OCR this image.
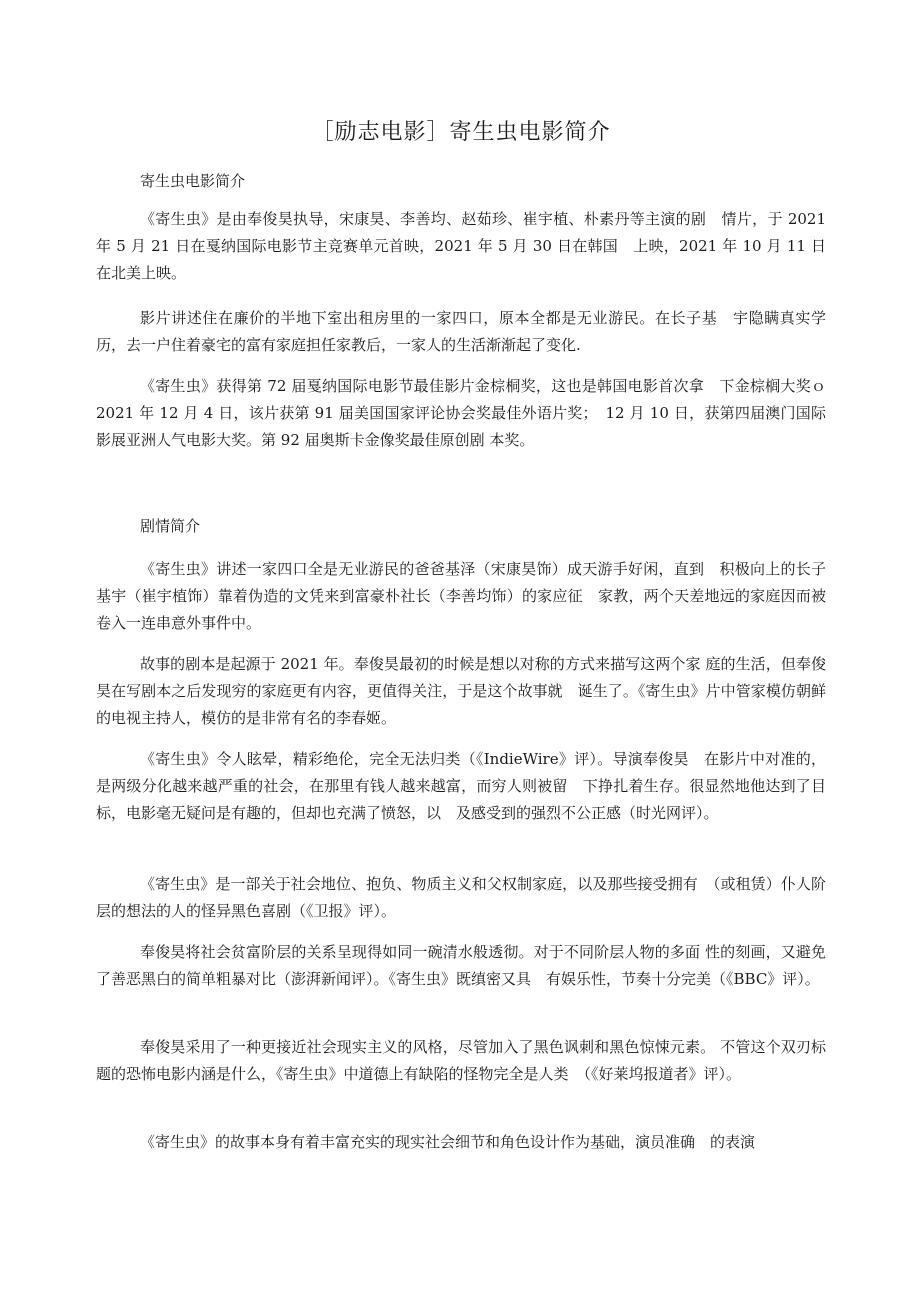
［励志电影］寄生虫电影简介

寄生虫电影简介

《寄生虫》是由奉俊昊执导，宋康昊、李善均、赵茹珍、崔宇植、朴素丹等主演的剧　情片，于 2021 年 5 月 21 日在戛纳国际电影节主竞赛单元首映，2021 年 5 月 30 日在韩国　上映，2021 年 10 月 11 日在北美上映。

影片讲述住在廉价的半地下室出租房里的一家四口，原本全都是无业游民。在长子基　宇隐瞒真实学历，去一户住着豪宅的富有家庭担任家教后，一家人的生活渐渐起了变化.

《寄生虫》获得第 72 届戛纳国际电影节最佳影片金棕桐奖，这也是韩国电影首次拿　下金棕榈大奖ｏ 2021 年 12 月 4 日，该片获第 91 届美国国家评论协会奖最佳外语片奖；　12 月 10 日，获第四届澳门国际影展亚洲人气电影大奖。第 92 届奥斯卡金像奖最佳原创剧 本奖。

剧情简介

《寄生虫》讲述一家四口全是无业游民的爸爸基泽（宋康昊饰）成天游手好闲，直到　积极向上的长子基宇（崔宇植饰）靠着伪造的文凭来到富豪朴社长（李善均饰）的家应征　家教，两个天差地远的家庭因而被卷入一连串意外事件中。

故事的剧本是起源于 2021 年。奉俊昊最初的时候是想以对称的方式来描写这两个家 庭的生活，但奉俊昊在写剧本之后发现穷的家庭更有内容，更值得关注，于是这个故事就　诞生了。《寄生虫》片中管家模仿朝鲜的电视主持人，模仿的是非常有名的李春姬。

《寄生虫》令人眩晕，精彩绝伦，完全无法归类（《IndieWire》评）。导演奉俊昊　在影片中对准的，是两级分化越来越严重的社会，在那里有钱人越来越富，而穷人则被留　下挣扎着生存。很显然地他达到了目标，电影毫无疑问是有趣的，但却也充满了愤怒，以　及感受到的强烈不公正感（时光网评）。

《寄生虫》是一部关于社会地位、抱负、物质主义和父权制家庭，以及那些接受拥有　（或租赁）仆人阶层的想法的人的怪异黑色喜剧（《卫报》评）。

奉俊昊将社会贫富阶层的关系呈现得如同一碗清水般透彻。对于不同阶层人物的多面 性的刻画，又避免了善恶黑白的简单粗暴对比（澎湃新闻评）。《寄生虫》既缜密又具　有娱乐性，节奏十分完美（《BBC》评）。

奉俊昊采用了一种更接近社会现实主义的风格，尽管加入了黑色讽刺和黑色惊悚元素。 不管这个双刃标题的恐怖电影内涵是什么，《寄生虫》中道德上有缺陷的怪物完全是人类　（《好莱坞报道者》评）。

《寄生虫》的故事本身有着丰富充实的现实社会细节和角色设计作为基础，演员准确　的表演
